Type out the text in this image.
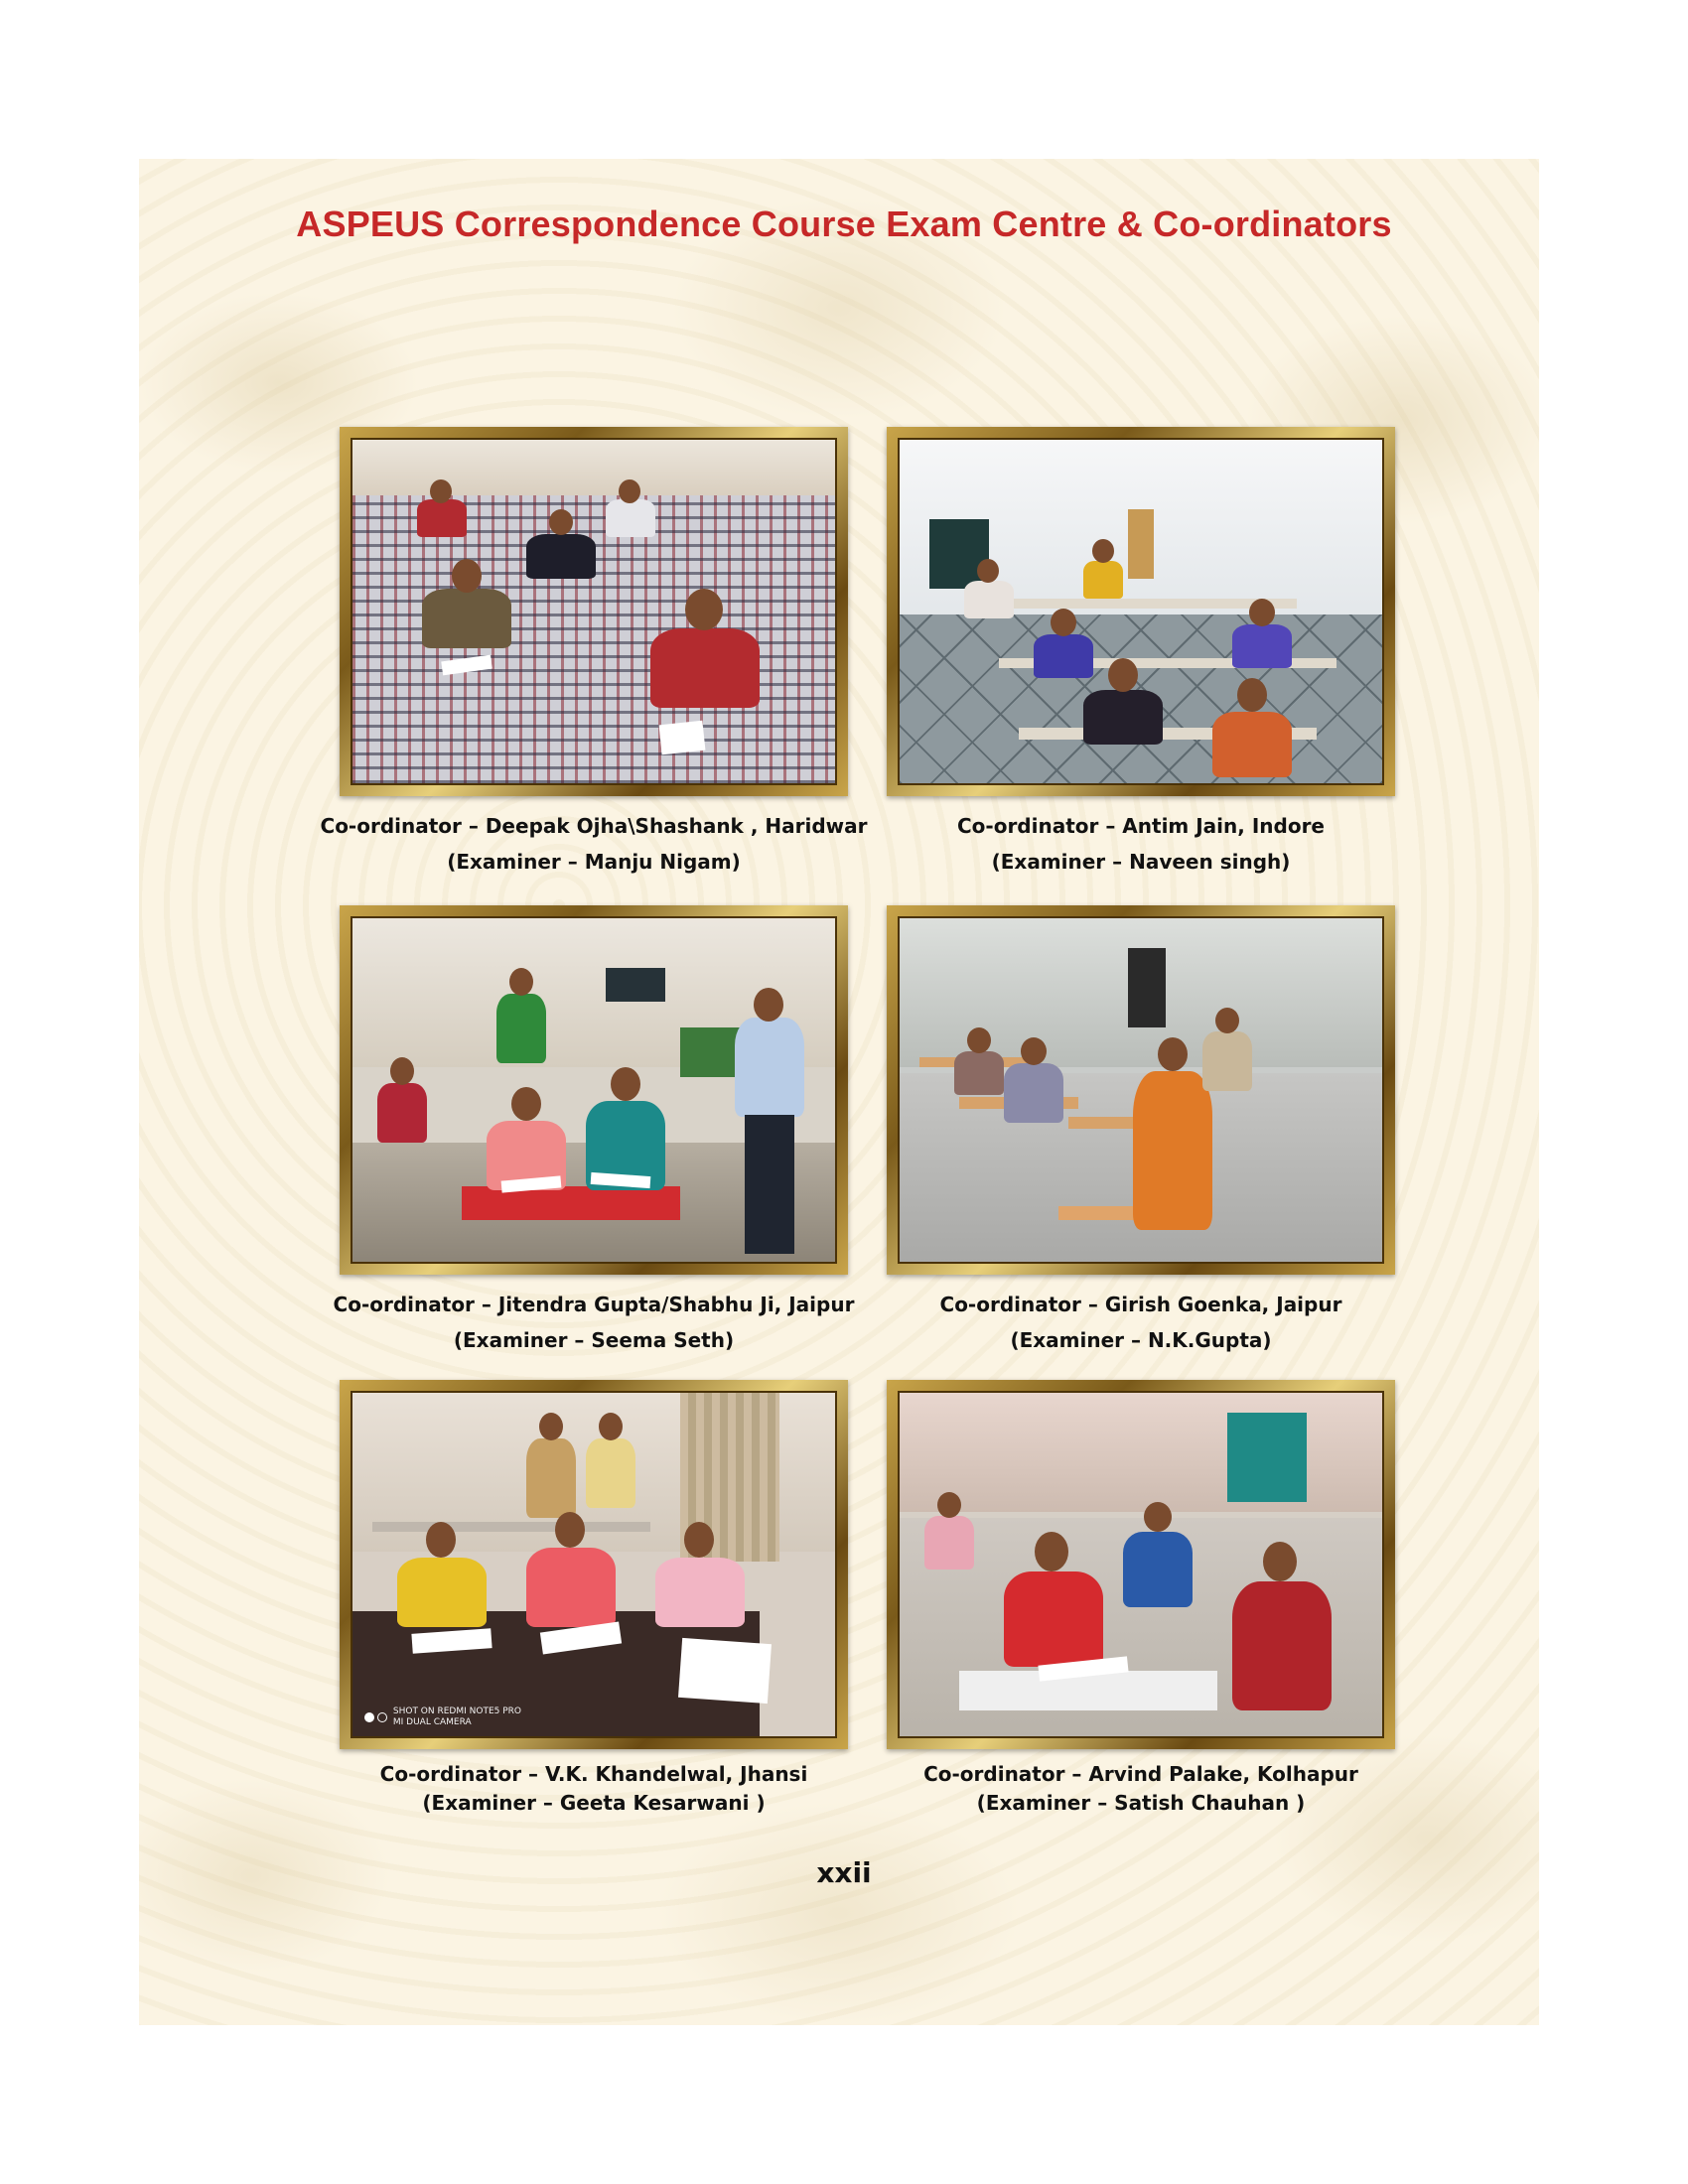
ASPEUS Correspondence Course Exam Centre & Co-ordinators
Co-ordinator – Deepak Ojha\Shashank , Haridwar
(Examiner – Manju Nigam)
Co-ordinator – Antim Jain, Indore
(Examiner – Naveen singh)
Co-ordinator – Jitendra Gupta/Shabhu Ji, Jaipur
(Examiner – Seema Seth)
Co-ordinator – Girish Goenka, Jaipur
(Examiner – N.K.Gupta)
SHOT ON REDMI NOTE5 PRO
MI DUAL CAMERA
Co-ordinator – V.K. Khandelwal, Jhansi
(Examiner – Geeta Kesarwani )
Co-ordinator – Arvind Palake, Kolhapur
(Examiner – Satish Chauhan )
xxii
